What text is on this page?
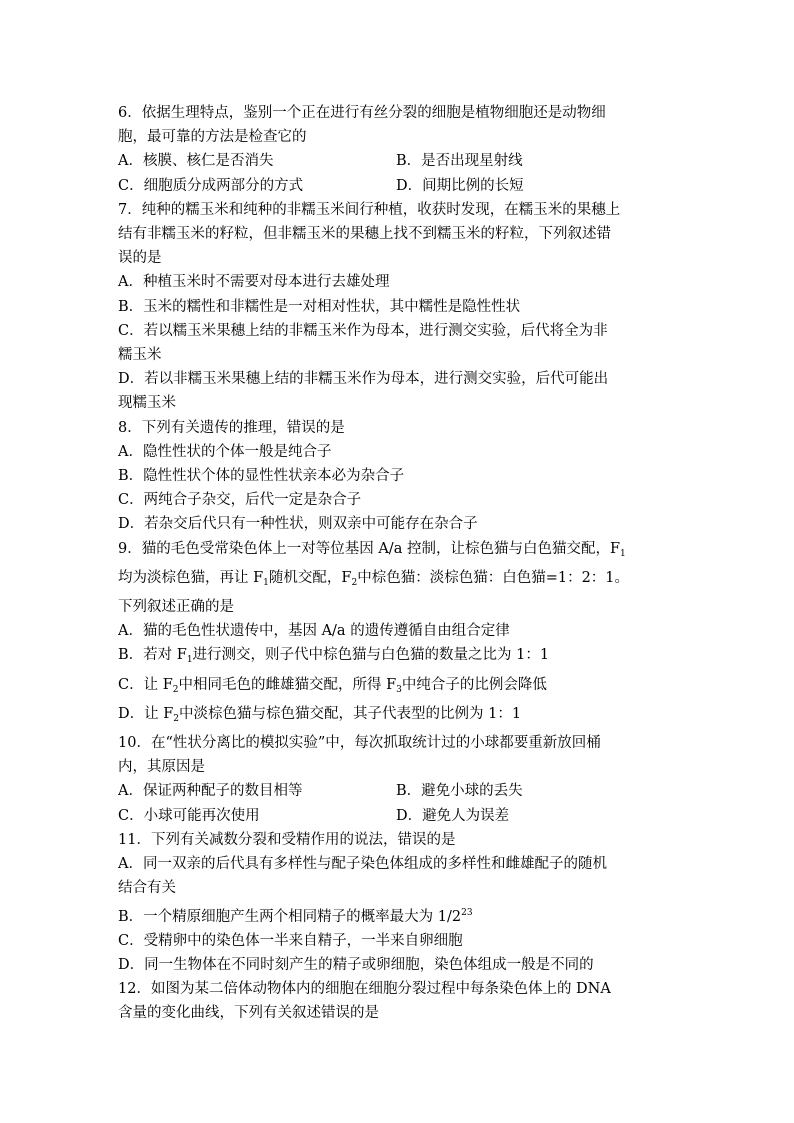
6．依据生理特点，鉴别一个正在进行有丝分裂的细胞是植物细胞还是动物细
胞，最可靠的方法是检查它的
A．核膜、核仁是否消失	B．是否出现星射线
C．细胞质分成两部分的方式	D．间期比例的长短
7．纯种的糯玉米和纯种的非糯玉米间行种植，收获时发现，在糯玉米的果穗上
结有非糯玉米的籽粒，但非糯玉米的果穗上找不到糯玉米的籽粒，下列叙述错
误的是
A．种植玉米时不需要对母本进行去雄处理
B．玉米的糯性和非糯性是一对相对性状，其中糯性是隐性性状
C．若以糯玉米果穗上结的非糯玉米作为母本，进行测交实验，后代将全为非
糯玉米
D．若以非糯玉米果穗上结的非糯玉米作为母本，进行测交实验，后代可能出
现糯玉米
8．下列有关遗传的推理，错误的是
A．隐性性状的个体一般是纯合子
B．隐性性状个体的显性性状亲本必为杂合子
C．两纯合子杂交，后代一定是杂合子
D．若杂交后代只有一种性状，则双亲中可能存在杂合子
9．猫的毛色受常染色体上一对等位基因 A/a 控制，让棕色猫与白色猫交配，$F_1$
均为淡棕色猫，再让 $F_1$随机交配，$F_2$中棕色猫：淡棕色猫：白色猫=1：2：1。
下列叙述正确的是
A．猫的毛色性状遗传中，基因 A/a 的遗传遵循自由组合定律
B．若对 $F_1$进行测交，则子代中棕色猫与白色猫的数量之比为 1：1
C．让 $F_2$中相同毛色的雌雄猫交配，所得 $F_3$中纯合子的比例会降低
D．让 $F_2$中淡棕色猫与棕色猫交配，其子代表型的比例为 1：1
10．在“性状分离比的模拟实验”中，每次抓取统计过的小球都要重新放回桶
内，其原因是
A．保证两种配子的数目相等	B．避免小球的丢失
C．小球可能再次使用	D．避免人为误差
11．下列有关减数分裂和受精作用的说法，错误的是
A．同一双亲的后代具有多样性与配子染色体组成的多样性和雌雄配子的随机
结合有关
B．一个精原细胞产生两个相同精子的概率最大为 $1/2^{23}$
C．受精卵中的染色体一半来自精子，一半来自卵细胞
D．同一生物体在不同时刻产生的精子或卵细胞，染色体组成一般是不同的
12．如图为某二倍体动物体内的细胞在细胞分裂过程中每条染色体上的 DNA
含量的变化曲线，下列有关叙述错误的是
